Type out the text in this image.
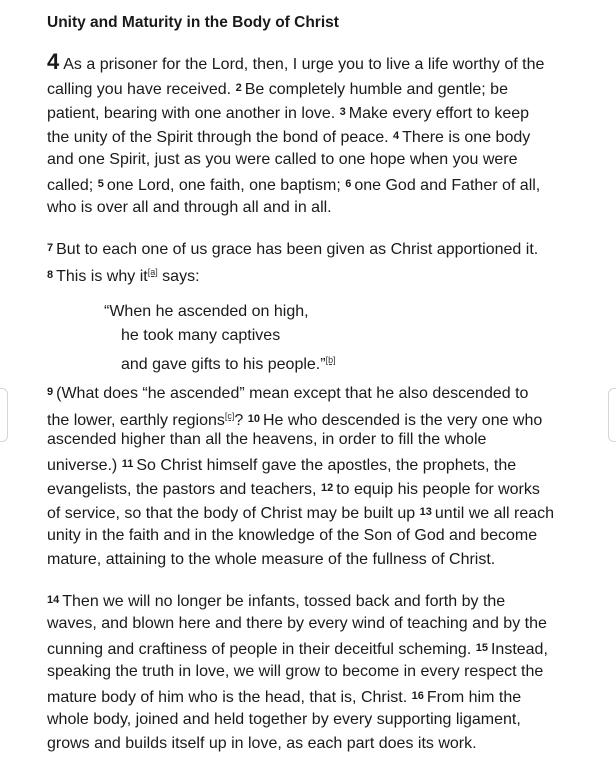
Unity and Maturity in the Body of Christ

4 As a prisoner for the Lord, then, I urge you to live a life worthy of the
calling you have received. 2 Be completely humble and gentle; be
patient, bearing with one another in love. 3 Make every effort to keep
the unity of the Spirit through the bond of peace. 4 There is one body
and one Spirit, just as you were called to one hope when you were
called; 5 one Lord, one faith, one baptism; 6 one God and Father of all,
who is over all and through all and in all.

7 But to each one of us grace has been given as Christ apportioned it.
8 This is why it[a] says:

“When he ascended on high,
he took many captives
and gave gifts to his people.”[b]

9 (What does “he ascended” mean except that he also descended to
the lower, earthly regions[c]? 10 He who descended is the very one who
ascended higher than all the heavens, in order to fill the whole
universe.) 11 So Christ himself gave the apostles, the prophets, the
evangelists, the pastors and teachers, 12 to equip his people for works
of service, so that the body of Christ may be built up 13 until we all reach
unity in the faith and in the knowledge of the Son of God and become
mature, attaining to the whole measure of the fullness of Christ.

14 Then we will no longer be infants, tossed back and forth by the
waves, and blown here and there by every wind of teaching and by the
cunning and craftiness of people in their deceitful scheming. 15 Instead,
speaking the truth in love, we will grow to become in every respect the
mature body of him who is the head, that is, Christ. 16 From him the
whole body, joined and held together by every supporting ligament,
grows and builds itself up in love, as each part does its work.
